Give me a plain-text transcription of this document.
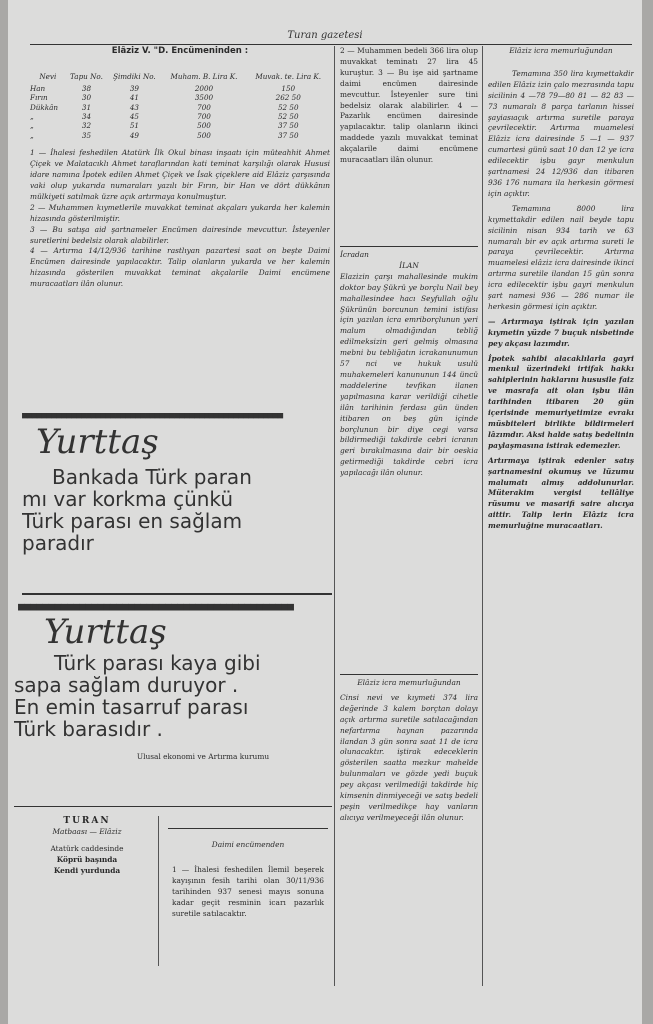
Turan gazetesi
Elâziz V. "D. Encümeninden :
Nevi	Tapu No.	Şimdiki No.	Muham. B. Lira K.	Muvak. te. Lira K.
Han	38	39	2000	150
Fırın	30	41	3500	262 50
Dükkân	31	43	700	52 50
„	34	45	700	52 50
„	32	51	500	37 50
„	35	49	500	37 50

1 — İhalesi feshedilen Atatürk İlk Okul binası inşaatı için müteahhit Ahmet Çiçek ve Malatacıklı Ahmet taraflarından kati teminat karşılığı olarak Hususi idare namına İpotek edilen Ahmet Çiçek ve İsak çiçeklere aid Elâziz çarşısında vaki olup yukarıda numaraları yazılı bir Fırın, bir Han ve dört dükkânın mülkiyeti satılmak üzre açık artırmaya konulmuştur.

2 — Muhammen kıymetlerile muvakkat teminat akçaları yukarda her kalemin hizasında gösterilmiştir.

3 — Bu satışa aid şartnameler Encümen dairesinde mevcuttur. İsteyenler suretlerini bedelsiz olarak alabilirler.

4 — Artırma 14/12/936 tarihine rastlıyan pazartesi saat on beşte Daimi Encümen dairesinde yapılacaktır. Talip olanların yukarda ve her kalemin hizasında gösterilen muvakkat teminat akçalarile Daimi encümene muracaatları ilân olunur.

■■■■■■■■■■■■■■■■■■■■■■■■■■■■■■■■■■■■■■■■■■■■■■■■■■■■■
Yurttaş
Bankada Türk paran
mı var korkma çünkü
Türk parası en sağlam
paradır
■■■■■■■■■■■■■■■■■■■■■■■■■■■■■■■■■■■■■■■■■■■■■
Yurttaş
Türk parası kaya gibi
sapa sağlam duruyor .
En emin tasarruf parası
Türk barasıdır .
Ulusal ekonomi ve Artırma kurumu
TURAN
Matbaası — Elâziz
Atatürk caddesinde
Köprü başında
Kendi yurdunda
Daimi encümenden

1 — İhalesi feshedilen İlemil beşerek kayışının fesih tarihi olan 30/11/936 tarihinden 937 senesi mayıs sonuna kadar geçit resminin icarı pazarlık suretile satılacaktır.

2 — Muhammen bedeli 366 lira olup muvakkat teminatı 27 lira 45 kuruştur. 3 — Bu işe aid şartname daimi encümen dairesinde mevcuttur. İsteyenler sure tini bedelsiz olarak alabilirler. 4 — Pazarlık encümen dairesinde yapılacaktır. talip olanların ikinci maddede yazılı muvakkat teminat akçalarile daimi encümene muracaatları ilân olunur.

İcradan
İLAN

Elazizin çarşı mahallesinde mukim doktor bay Şükrü ye borçlu Nail bey mahallesindee hacı Seyfullah oğlu Şükrünün borcunun temini istifası için yazılan icra emriborçlunun yeri malum olmadığından tebliğ edilmeksizin geri gelmiş olmasına mebni bu tebliğatın icrakanunumun 57 nci ve hukuk usulü muhakemeleri kanununun 144 üncü maddelerine tevfikan ilanen yapılmasına karar verildiği cihetle ilân tarihinin ferdası gün ünden itibaren on beş gün içinde borçlunun bir diye cegi varsa bildirmediği takdirde cebri icranın geri bırakılmasına dair bir oeskia getirmediği takdirde cebri icra yapılacağı ilân olunur.

Elâziz icra memurluğundan

Cinsi nevi ve kıymeti 374 lira değerinde 3 kalem borçtan dolayı açık artırma suretile satılacağından nefartırma haynan pazarında ilandan 3 gün sonra saat 11 de icra olunacaktır. iştirak edeceklerin gösterilen saatta mezkur mahelde bulunmaları ve gözde yedi buçuk pey akçası verilmediği takdirde hiç kimsenin dinmiyeceği ve satış bedeli peşin verilmedikçe hay vanların alıcıya verilmeyeceği ilân olunur.

Elâziz icra memurluğundan

Temamına 350 lira kıymettakdir edilen Elâziz izin çalo mezrasında tapu sicilinin 4 —78 79—80 81 — 82 83 —73 numaralı 8 parça tarlanın hissei şayiasıaçık artırma suretile paraya çevrilecektir. Artırma muamelesi Elâziz icra dairesinde 5 —1 — 937 cumartesi günü saat 10 dan 12 ye icra edilecektir işbu gayr menkulun şartnamesi 24 12/936 dan itibaren 936 176 numara ila herkesin görmesi için açıktır.

Temamına 8000 lira kıymettakdir edilen nail beyde tapu sicilinin nisan 934 tarih ve 63 numaralı bir ev açık artırma sureti le paraya çevrilecektir. Artırma muamelesi elâziz icra dairesinde ikinci artırma suretile ilandan 15 gün sonra icra edilecektir işbu gayri menkulun şart namesi 936 — 286 numar ile herkesin görmesi için açıktır.

— Artırmaya iştirak için yazılan kıymetin yüzde 7 buçuk nisbetinde pey akçası lazımdır.

İpotek sahibi alacaklılarla gayri menkul üzerindeki irtifak hakkı sahiplerinin haklarını hususile faiz ve masrafa ait olan işbu ilân tarihinden itibaren 20 gün içerisinde memuriyetimize evrakı müsbiteleri birlikte bildirmeleri lâzımdır. Aksi halde satış bedelinin paylaşmasına istirak edemezler.

Artırmaya iştirak edenler satış şartnamesini okumuş ve lüzumu malumatı almış addolunurlar. Müterakim vergisi tellâliye rüsumu ve masarifi saire alıcıya aittir. Talip lerin Elâziz icra memurluğine muracaatları.
